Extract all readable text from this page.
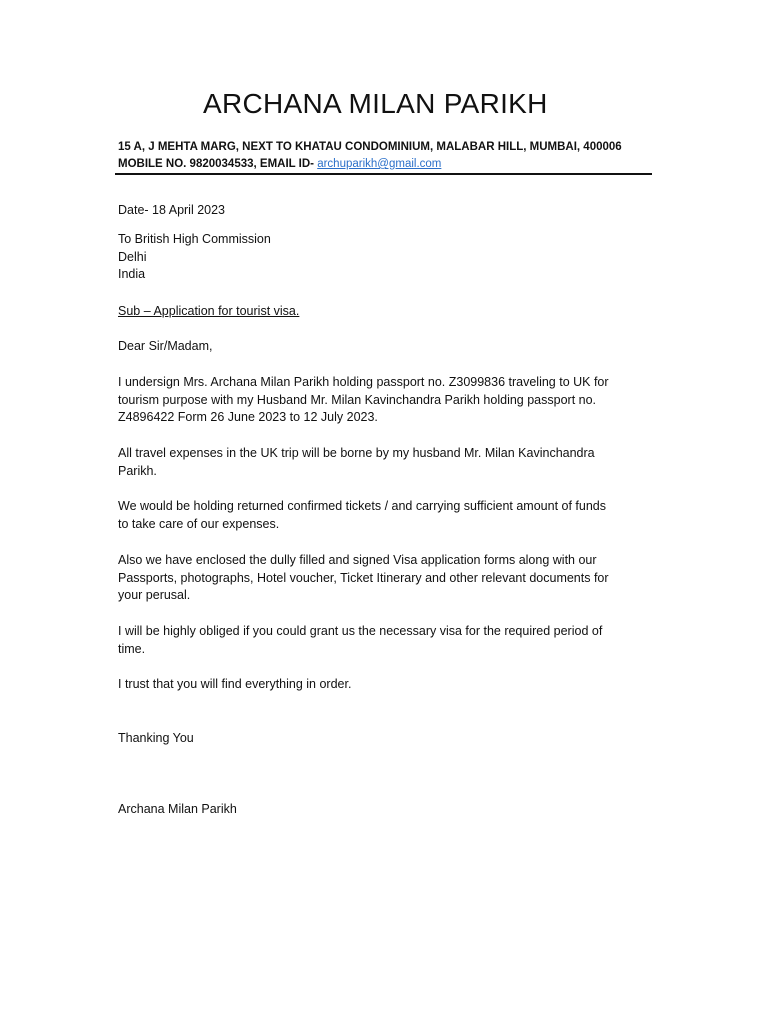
ARCHANA MILAN PARIKH
15 A, J MEHTA MARG, NEXT TO KHATAU CONDOMINIUM, MALABAR HILL, MUMBAI, 400006
MOBILE NO. 9820034533, EMAIL ID- archuparikh@gmail.com
Date- 18 April 2023
To British High Commission
Delhi
India
Sub – Application for tourist visa.
Dear Sir/Madam,
I undersign Mrs. Archana Milan Parikh holding passport no. Z3099836 traveling to UK for
tourism purpose with my Husband Mr. Milan Kavinchandra Parikh holding passport no.
Z4896422 Form 26 June 2023 to 12 July 2023.
All travel expenses in the UK trip will be borne by my husband Mr. Milan Kavinchandra
Parikh.
We would be holding returned confirmed tickets / and carrying sufficient amount of funds
to take care of our expenses.
Also we have enclosed the dully filled and signed Visa application forms along with our
Passports, photographs, Hotel voucher, Ticket Itinerary and other relevant documents for
your perusal.
I will be highly obliged if you could grant us the necessary visa for the required period of
time.
I trust that you will find everything in order.
Thanking You
Archana Milan Parikh
